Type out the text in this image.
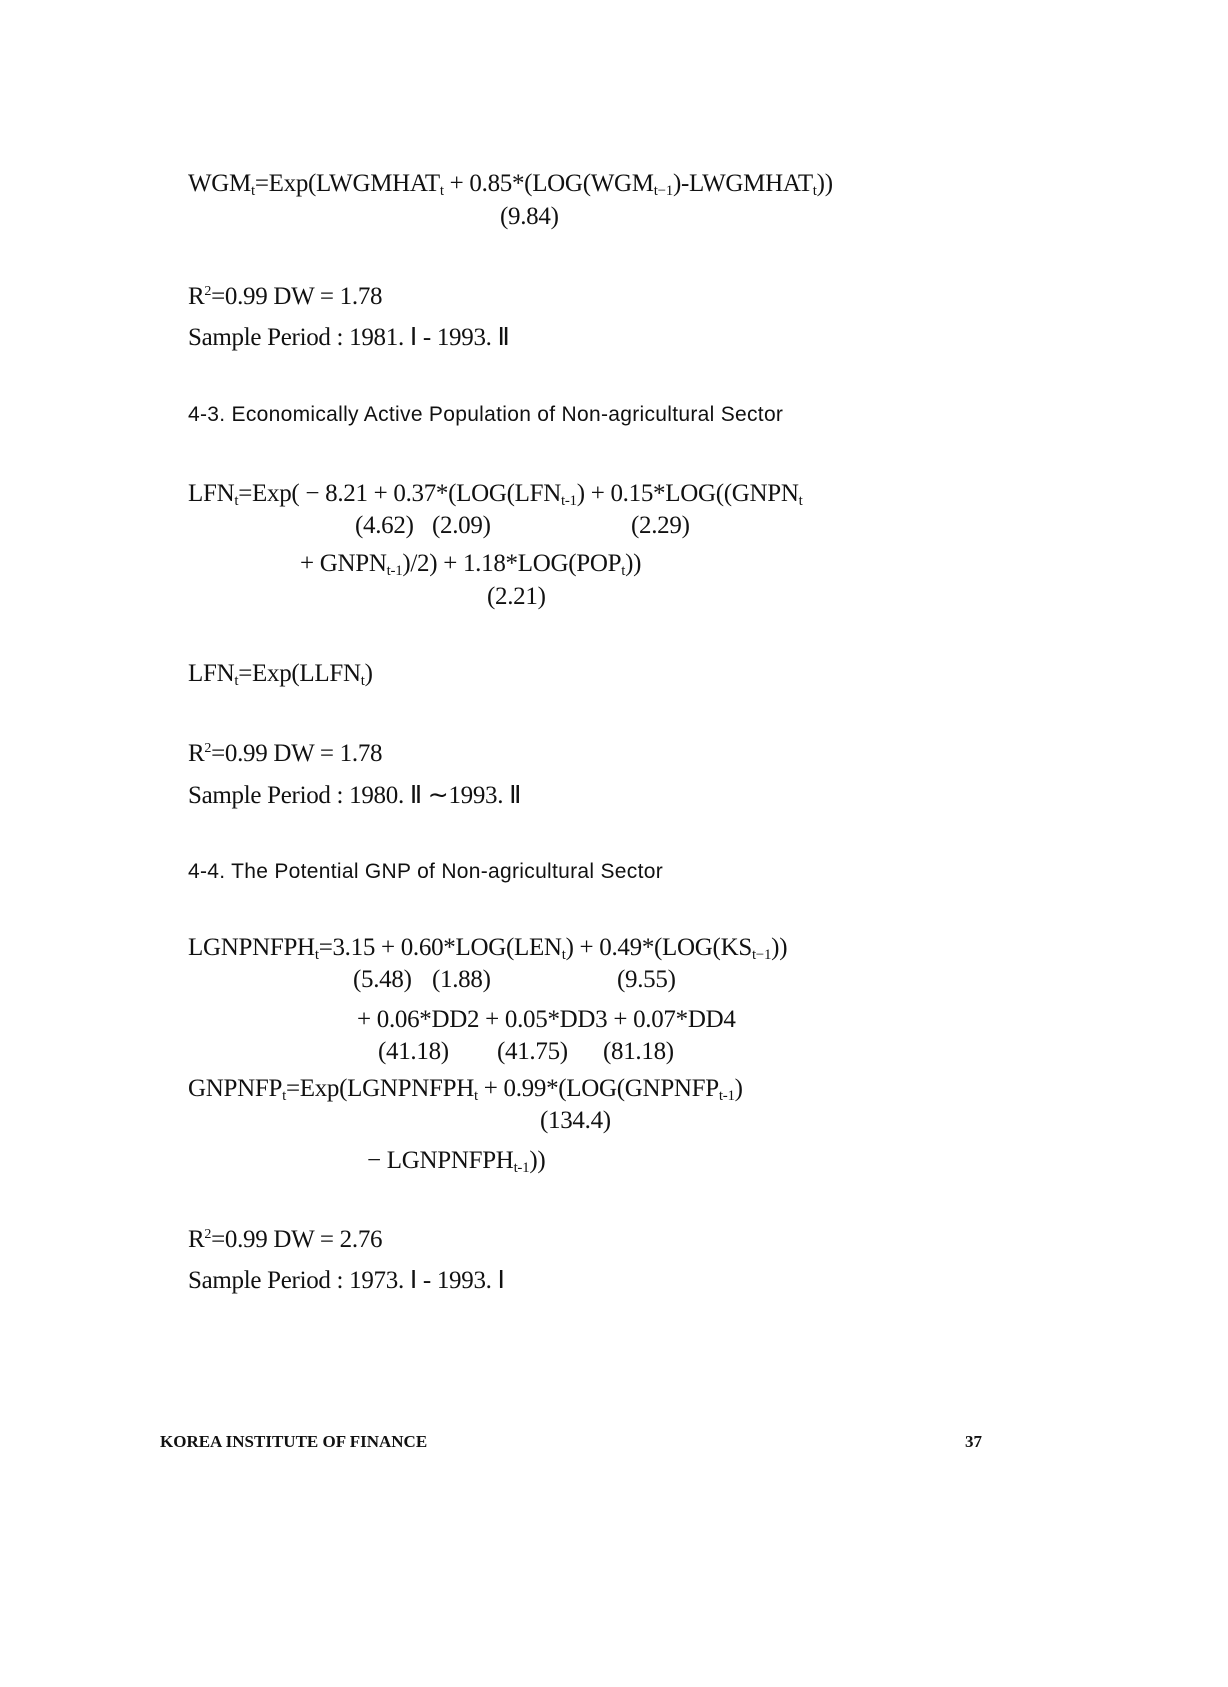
$WGM_t=Exp(LWGMHAT_t$ + $0.85*(LOG(WGM_{t-1})-LWGMHAT_t)$)
(9.84)
$R^2=0.99$ DW = 1.78
Sample Period : 1981. Ⅰ - 1993. Ⅱ
4-3. Economically Active Population of Non-agricultural Sector
$LFN_t=Exp( - 8.21 + 0.37*(LOG(LFN_{t-1})$ + $0.15*LOG((GNPN_t$
(4.62) (2.09)	(2.29)
+ $GNPN_{t-1})/2) + 1.18*LOG(POP_t)$)
(2.21)
$LFN_t=Exp(LLFN_t)$
$R^2=0.99$ DW = 1.78
Sample Period : 1980. Ⅱ ∼1993. Ⅱ
4-4. The Potential GNP of Non-agricultural Sector
$LGNPNFPH_t=3.15 + 0.60*LOG(LEN_t) + 0.49*(LOG(KS_{t-1}))$
(5.48) (1.88)	(9.55)
+ 0.06*DD2 + 0.05*DD3 + 0.07*DD4
(41.18) (41.75) (81.18)
$GNPNFP_t=Exp(LGNPNFPH_t$ + $0.99*(LOG(GNPNFP_{t-1})$
(134.4)
− $LGNPNFPH_{t-1}$))
$R^2=0.99$ DW = 2.76
Sample Period : 1973. Ⅰ - 1993. Ⅰ
KOREA INSTITUTE OF FINANCE	37
